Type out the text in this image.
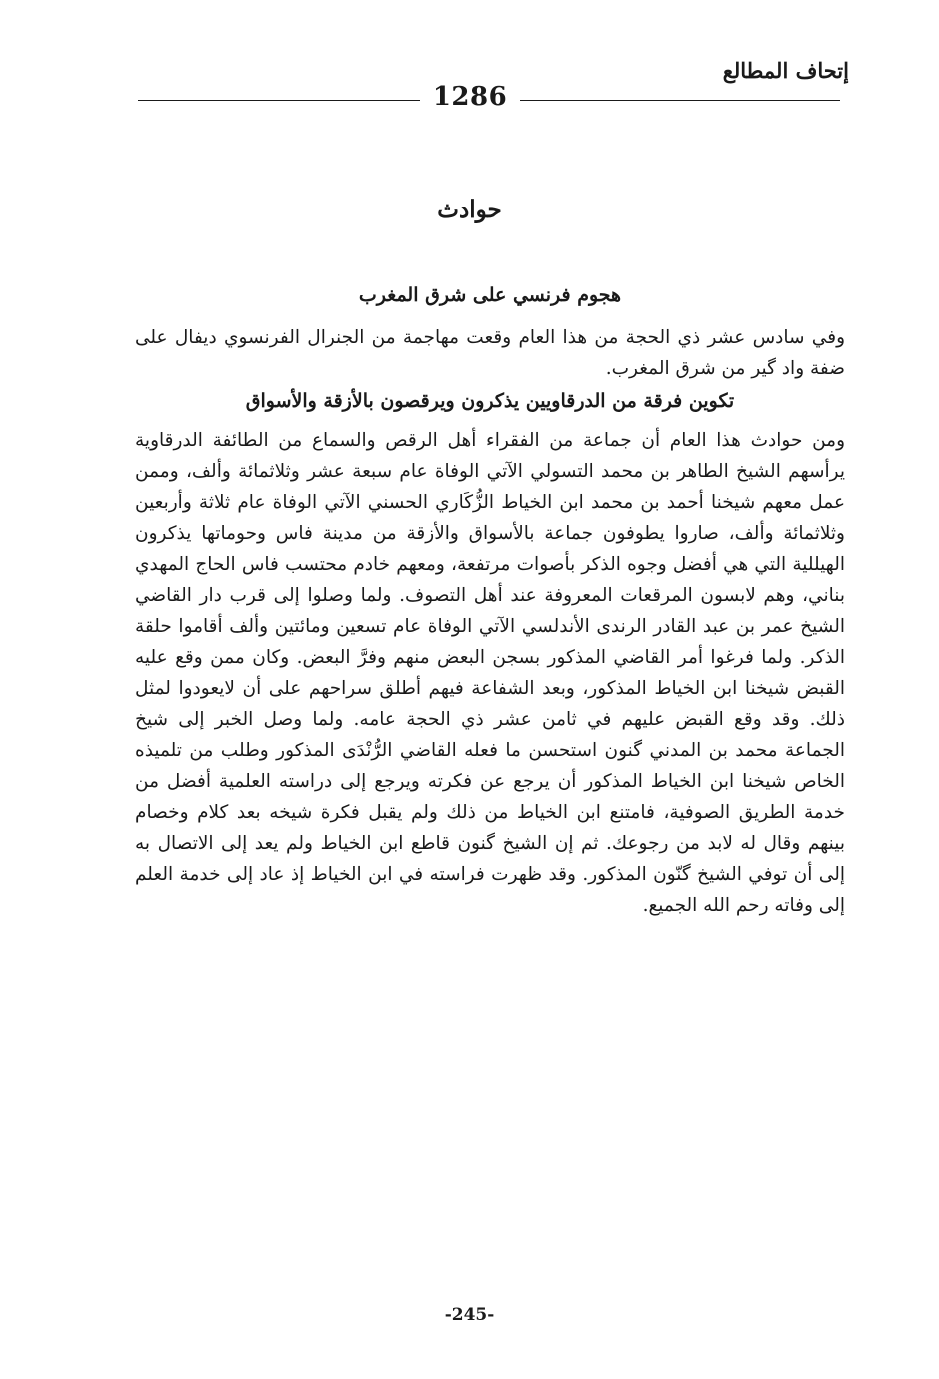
إتحاف المطالع
1286
حوادث
هجوم فرنسي على شرق المغرب

وفي سادس عشر ذي الحجة من هذا العام وقعت مهاجمة من الجنرال الفرنسوي ديفال على ضفة واد گير من شرق المغرب.

تكوين فرقة من الدرقاويين يذكرون ويرقصون بالأزقة والأسواق

ومن حوادث هذا العام أن جماعة من الفقراء أهل الرقص والسماع من الطائفة الدرقاوية يرأسهم الشيخ الطاهر بن محمد التسولي الآتي الوفاة عام سبعة عشر وثلاثمائة وألف، وممن عمل معهم شيخنا أحمد بن محمد ابن الخياط الزُّكَاري الحسني الآتي الوفاة عام ثلاثة وأربعين وثلاثمائة وألف، صاروا يطوفون جماعة بالأسواق والأزقة من مدينة فاس وحوماتها يذكرون الهيللية التي هي أفضل وجوه الذكر بأصوات مرتفعة، ومعهم خادم محتسب فاس الحاج المهدي بناني، وهم لابسون المرقعات المعروفة عند أهل التصوف. ولما وصلوا إلى قرب دار القاضي الشيخ عمر بن عبد القادر الرندى الأندلسي الآتي الوفاة عام تسعين ومائتين وألف أقاموا حلقة الذكر. ولما فرغوا أمر القاضي المذكور بسجن البعض منهم وفرَّ البعض. وكان ممن وقع عليه القبض شيخنا ابن الخياط المذكور، وبعد الشفاعة فيهم أطلق سراحهم على أن لايعودوا لمثل ذلك. وقد وقع القبض عليهم في ثامن عشر ذي الحجة عامه. ولما وصل الخبر إلى شيخ الجماعة محمد بن المدني گنون استحسن ما فعله القاضي الرُّنْدَى المذكور وطلب من تلميذه الخاص شيخنا ابن الخياط المذكور أن يرجع عن فكرته ويرجع إلى دراسته العلمية أفضل من خدمة الطريق الصوفية، فامتنع ابن الخياط من ذلك ولم يقبل فكرة شيخه بعد كلام وخصام بينهم وقال له لابد من رجوعك. ثم إن الشيخ گنون قاطع ابن الخياط ولم يعد إلى الاتصال به إلى أن توفي الشيخ گنّون المذكور. وقد ظهرت فراسته في ابن الخياط إذ عاد إلى خدمة العلم إلى وفاته رحم الله الجميع.

-245-
